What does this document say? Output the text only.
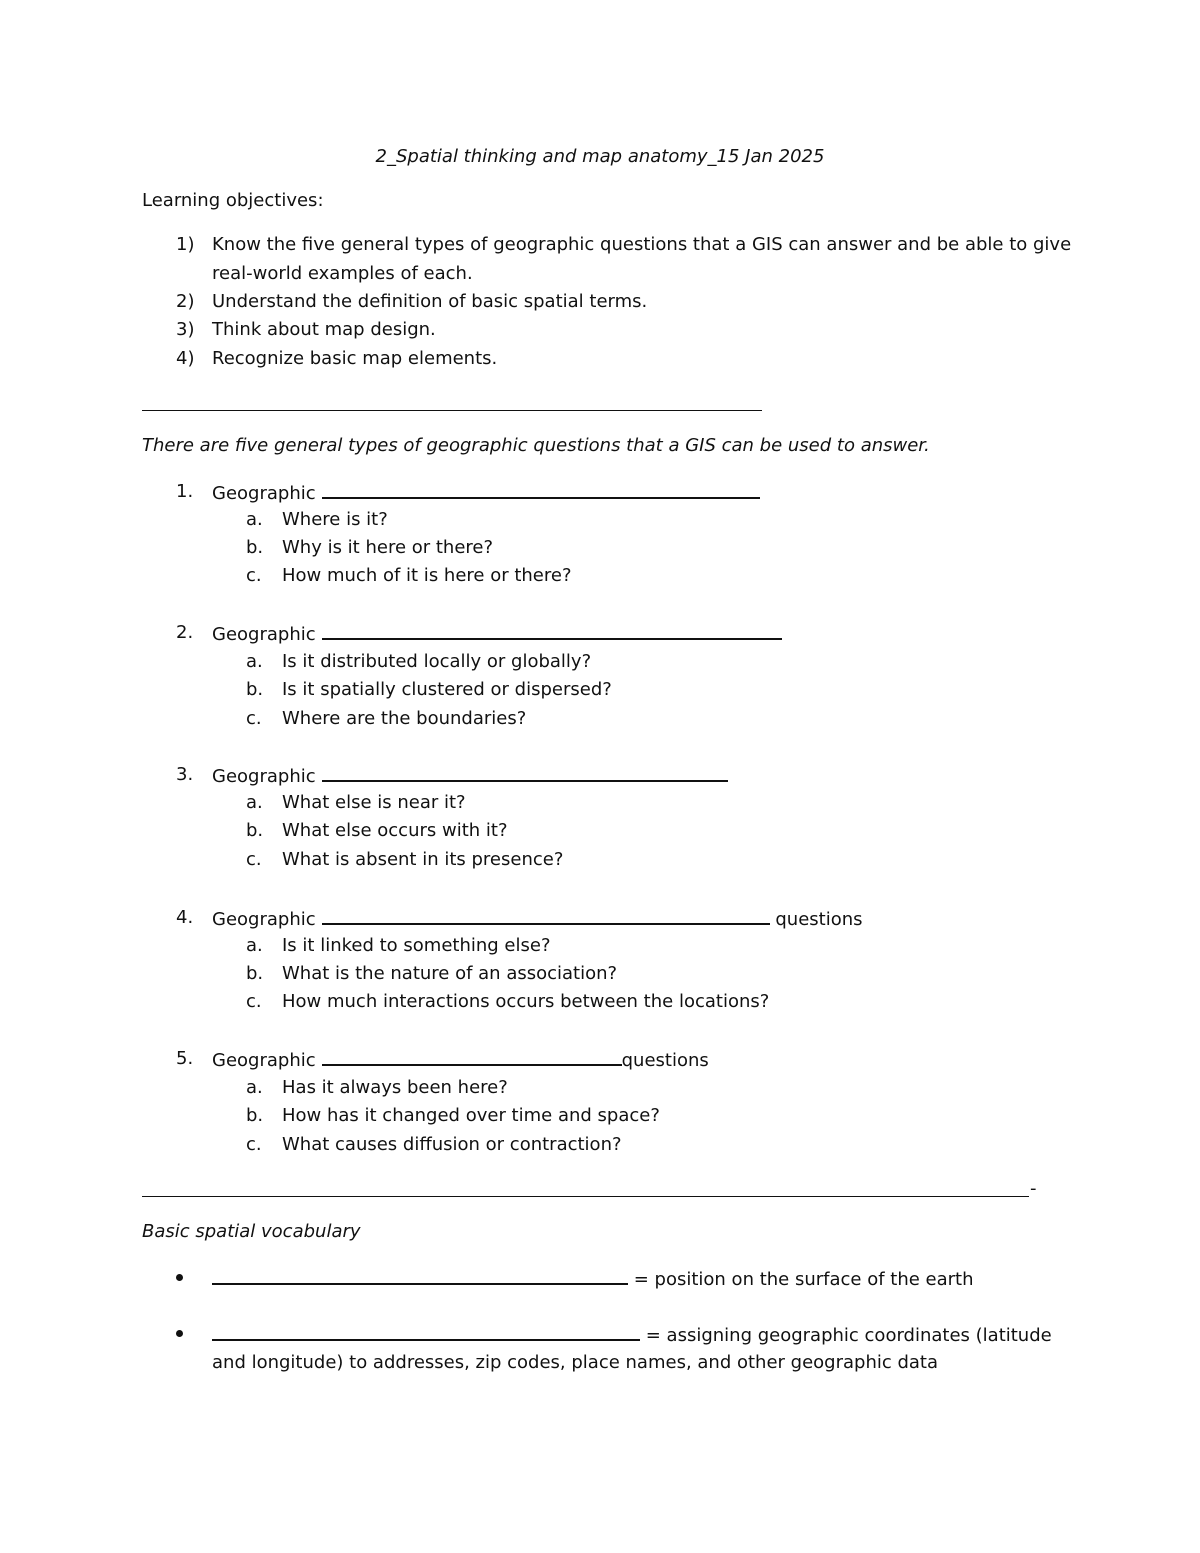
2_Spatial thinking and map anatomy_15 Jan 2025
Learning objectives:
1) Know the five general types of geographic questions that a GIS can answer and be able to give
real-world examples of each.
2) Understand the definition of basic spatial terms.
3) Think about map design.
4) Recognize basic map elements.
There are five general types of geographic questions that a GIS can be used to answer.
1. Geographic
a. Where is it?
b. Why is it here or there?
c. How much of it is here or there?
2. Geographic
a. Is it distributed locally or globally?
b. Is it spatially clustered or dispersed?
c. Where are the boundaries?
3. Geographic
a. What else is near it?
b. What else occurs with it?
c. What is absent in its presence?
4. Geographic	questions
a. Is it linked to something else?
b. What is the nature of an association?
c. How much interactions occurs between the locations?
5. Geographic	questions
a. Has it always been here?
b. How has it changed over time and space?
c. What causes diffusion or contraction?
-
Basic spatial vocabulary
= position on the surface of the earth
= assigning geographic coordinates (latitude
and longitude) to addresses, zip codes, place names, and other geographic data
